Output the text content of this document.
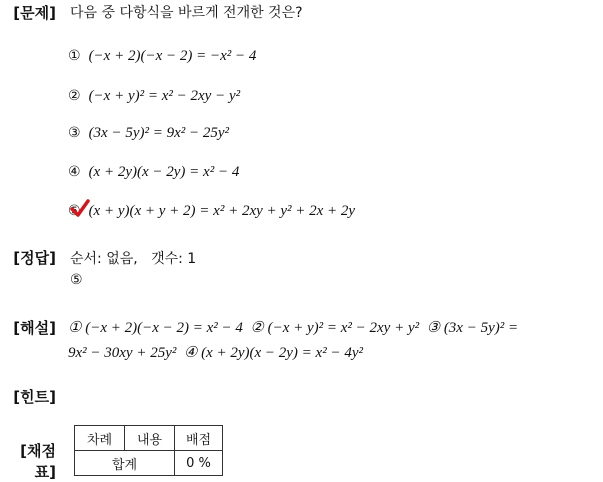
[문제] 다음 중 다항식을 바르게 전개한 것은?
① (−x + 2)(−x − 2) = −x² − 4
② (−x + y)² = x² − 2xy − y²
③ (3x − 5y)² = 9x² − 25y²
④ (x + 2y)(x − 2y) = x² − 4
⑤ (x + y)(x + y + 2) = x² + 2xy + y² + 2x + 2y
[정답] 순서: 없음,   갯수: 1
⑤
[해설] ① (−x + 2)(−x − 2) = x² − 4  ② (−x + y)² = x² − 2xy + y²  ③ (3x − 5y)² =
9x² − 30xy + 25y²  ④ (x + 2y)(x − 2y) = x² − 4y²
[힌트]
[채점표]
차례	내용	배점
합계		0 %
